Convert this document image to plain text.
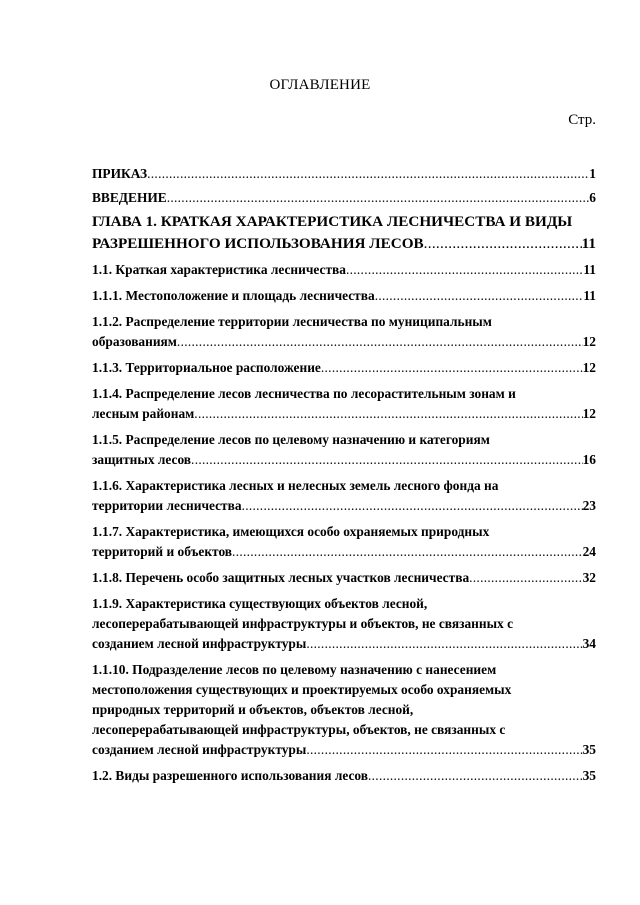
ОГЛАВЛЕНИЕ
Стр.
ПРИКАЗ .....	1
ВВЕДЕНИЕ .....	6
ГЛАВА 1. КРАТКАЯ ХАРАКТЕРИСТИКА ЛЕСНИЧЕСТВА И ВИДЫ
РАЗРЕШЕННОГО ИСПОЛЬЗОВАНИЯ ЛЕСОВ .....	11
1.1. Краткая характеристика лесничества .....	11
1.1.1. Местоположение и площадь лесничества .....	11
1.1.2. Распределение территории лесничества по муниципальным
образованиям .....	12
1.1.3. Территориальное расположение .....	12
1.1.4. Распределение лесов лесничества по лесорастительным зонам и
лесным районам .....	12
1.1.5. Распределение лесов по целевому назначению и категориям
защитных лесов .....	16
1.1.6. Характеристика лесных и нелесных земель лесного фонда на
территории лесничества .....	23
1.1.7. Характеристика, имеющихся особо охраняемых природных
территорий и объектов .....	24
1.1.8. Перечень особо защитных лесных участков лесничества .....	32
1.1.9. Характеристика существующих объектов лесной,
лесоперерабатывающей инфраструктуры и объектов, не связанных с
созданием лесной инфраструктуры .....	34
1.1.10. Подразделение лесов по целевому назначению с нанесением
местоположения существующих и проектируемых особо охраняемых
природных территорий и объектов, объектов лесной,
лесоперерабатывающей инфраструктуры, объектов, не связанных с
созданием лесной инфраструктуры .....	35
1.2. Виды разрешенного использования лесов .....	35
